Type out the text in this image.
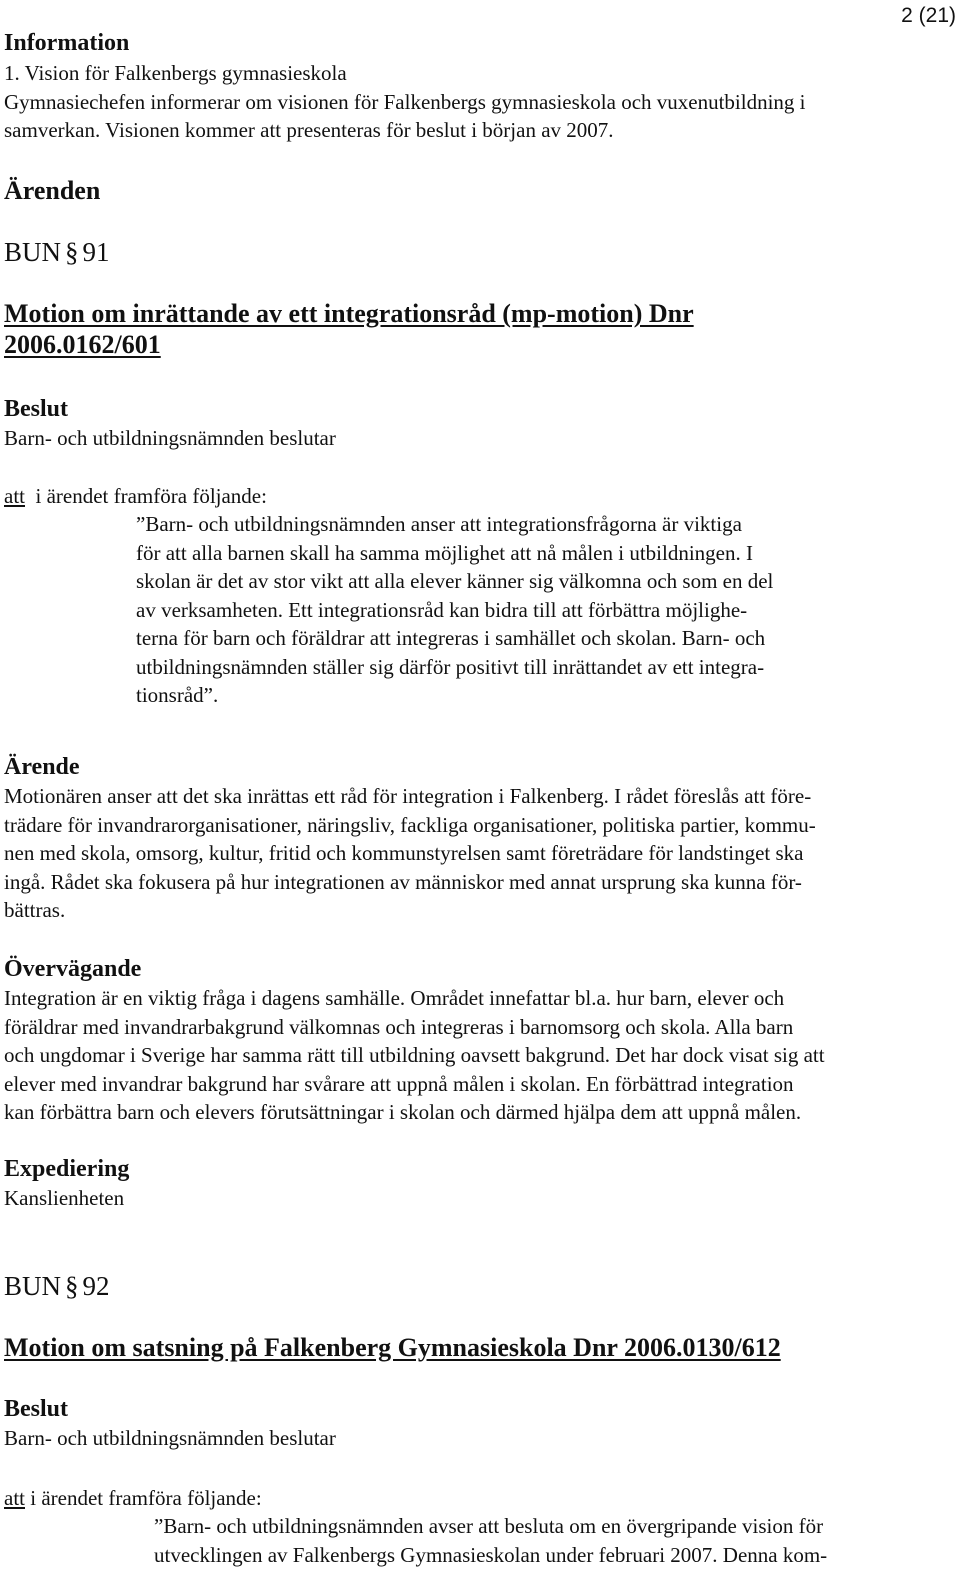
2 (21)

Information

1. Vision för Falkenbergs gymnasieskola

Gymnasiechefen informerar om visionen för Falkenbergs gymnasieskola och vuxenutbildning i

samverkan. Visionen kommer att presenteras för beslut i början av 2007.

Ärenden

BUN § 91

Motion om inrättande av ett integrationsråd (mp-motion) Dnr

2006.0162/601

Beslut

Barn- och utbildningsnämnden beslutar

att i ärendet framföra följande:

”Barn- och utbildningsnämnden anser att integrationsfrågorna är viktiga

för att alla barnen skall ha samma möjlighet att nå målen i utbildningen. I

skolan är det av stor vikt att alla elever känner sig välkomna och som en del

av verksamheten. Ett integrationsråd kan bidra till att förbättra möjlighe-

terna för barn och föräldrar att integreras i samhället och skolan. Barn- och

utbildningsnämnden ställer sig därför positivt till inrättandet av ett integra-

tionsråd”.

Ärende

Motionären anser att det ska inrättas ett råd för integration i Falkenberg. I rådet föreslås att före-

trädare för invandrarorganisationer, näringsliv, fackliga organisationer, politiska partier, kommu-

nen med skola, omsorg, kultur, fritid och kommunstyrelsen samt företrädare för landstinget ska

ingå. Rådet ska fokusera på hur integrationen av människor med annat ursprung ska kunna för-

bättras.

Övervägande

Integration är en viktig fråga i dagens samhälle. Området innefattar bl.a. hur barn, elever och

föräldrar med invandrarbakgrund välkomnas och integreras i barnomsorg och skola. Alla barn

och ungdomar i Sverige har samma rätt till utbildning oavsett bakgrund. Det har dock visat sig att

elever med invandrar bakgrund har svårare att uppnå målen i skolan. En förbättrad integration

kan förbättra barn och elevers förutsättningar i skolan och därmed hjälpa dem att uppnå målen.

Expediering

Kanslienheten

BUN § 92

Motion om satsning på Falkenberg Gymnasieskola Dnr 2006.0130/612

Beslut

Barn- och utbildningsnämnden beslutar

att i ärendet framföra följande:

”Barn- och utbildningsnämnden avser att besluta om en övergripande vision för

utvecklingen av Falkenbergs Gymnasieskolan under februari 2007. Denna kom-
